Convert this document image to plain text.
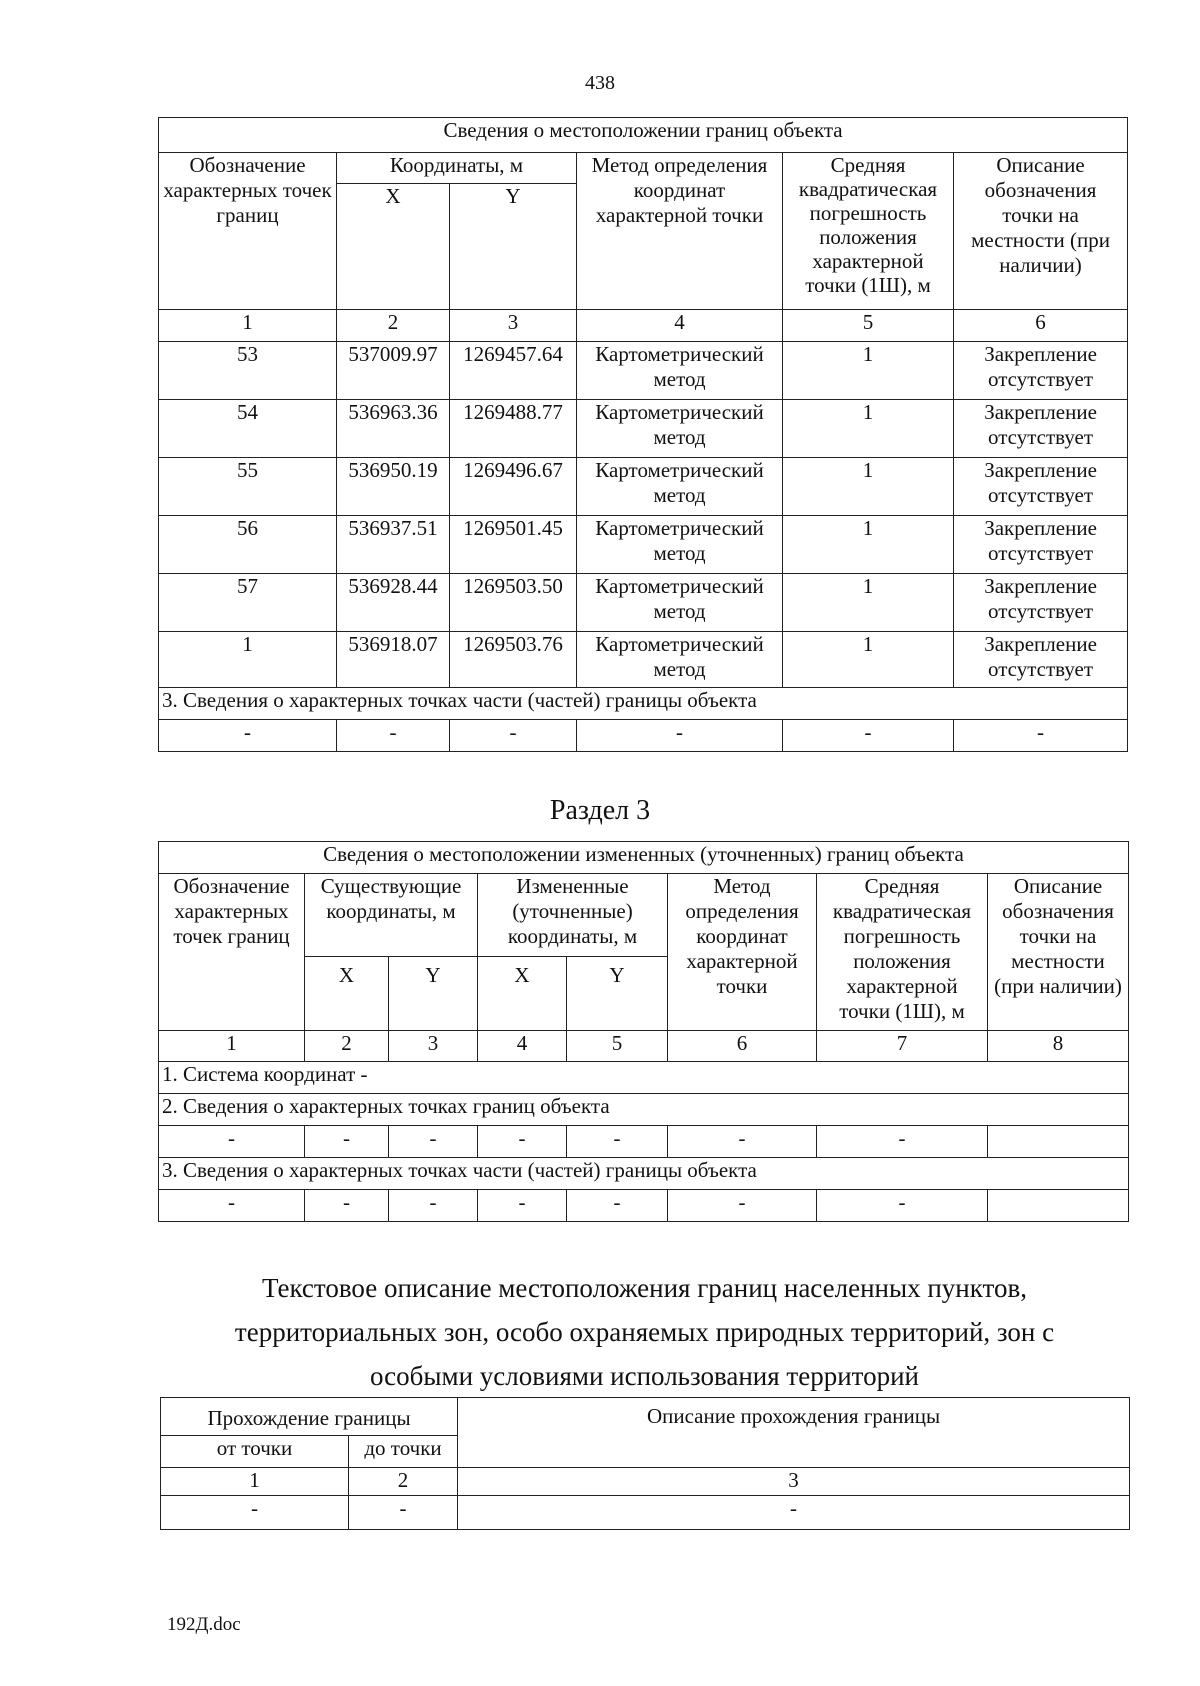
438
Сведения о местоположении границ объекта					
Обозначение характерных точек границ	Координаты, м		Метод определения координат характерной точки	Средняя квадратическая погрешность положения характерной точки (1Ш), м	Описание обозначения точки на местности (при наличии)
	X	Y			
1	2	3	4	5	6
53	537009.97	1269457.64	Картометрический метод	1	Закрепление отсутствует
54	536963.36	1269488.77	Картометрический метод	1	Закрепление отсутствует
55	536950.19	1269496.67	Картометрический метод	1	Закрепление отсутствует
56	536937.51	1269501.45	Картометрический метод	1	Закрепление отсутствует
57	536928.44	1269503.50	Картометрический метод	1	Закрепление отсутствует
1	536918.07	1269503.76	Картометрический метод	1	Закрепление отсутствует
3. Сведения о характерных точках части (частей) границы объекта					
-	-	-	-	-	-
Раздел 3
Сведения о местоположении измененных (уточненных) границ объекта							
Обозначение характерных точек границ	Существующие координаты, м		Измененные (уточненные) координаты, м		Метод определения координат характерной точки	Средняя квадратическая погрешность положения характерной точки (1Ш), м	Описание обозначения точки на местности (при наличии)
	X	Y	X	Y			
1	2	3	4	5	6	7	8
1. Система координат -							
2. Сведения о характерных точках границ объекта							
-	-	-	-	-	-	-	
3. Сведения о характерных точках части (частей) границы объекта							
-	-	-	-	-	-	-	
Текстовое описание местоположения границ населенных пунктов,
территориальных зон, особо охраняемых природных территорий, зон с
особыми условиями использования территорий
Прохождение границы		Описание прохождения границы
от точки	до точки	
1	2	3
-	-	-
192Д.doc
